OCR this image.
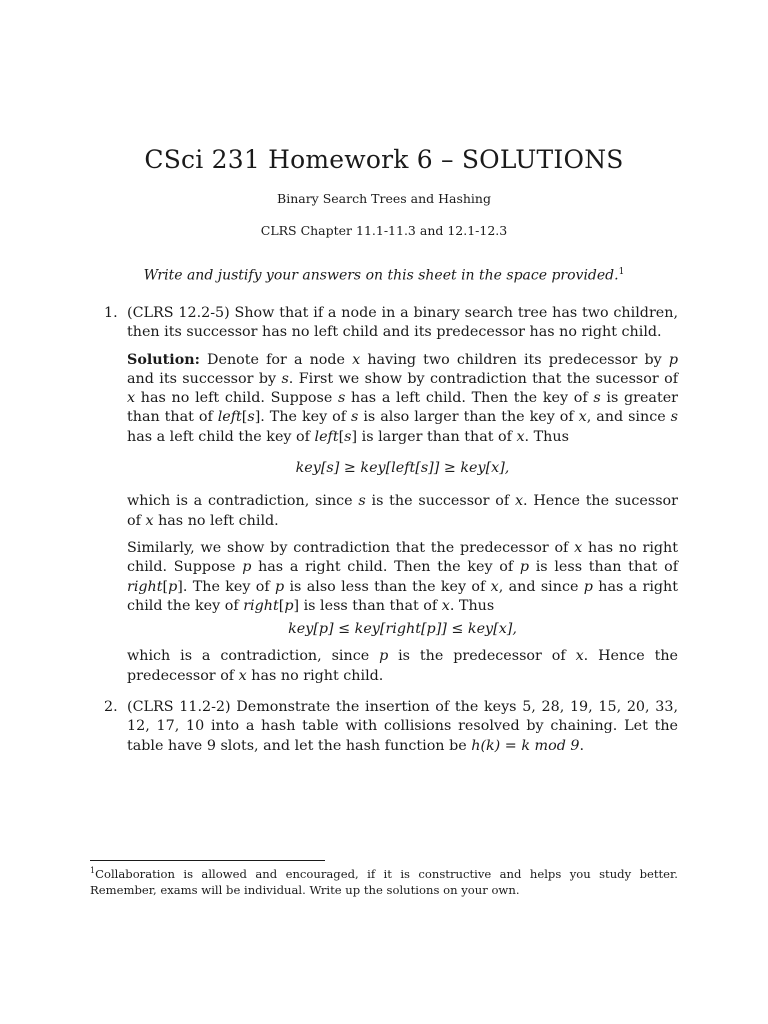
CSci 231 Homework 6 – SOLUTIONS
Binary Search Trees and Hashing
CLRS Chapter 11.1-11.3 and 12.1-12.3
Write and justify your answers on this sheet in the space provided.$^1$
1. (CLRS 12.2-5) Show that if a node in a binary search tree has two children, then its successor has no left child and its predecessor has no right child.

Solution: Denote for a node x having two children its predecessor by p and its successor by s. First we show by contradiction that the sucessor of x has no left child. Suppose s has a left child. Then the key of s is greater than that of left[s]. The key of s is also larger than the key of x, and since s has a left child the key of left[s] is larger than that of x. Thus

key[s] ≥ key[left[s]] ≥ key[x],

which is a contradiction, since s is the successor of x. Hence the sucessor of x has no left child.

Similarly, we show by contradiction that the predecessor of x has no right child. Suppose p has a right child. Then the key of p is less than that of right[p]. The key of p is also less than the key of x, and since p has a right child the key of right[p] is less than that of x. Thus

key[p] ≤ key[right[p]] ≤ key[x],

which is a contradiction, since p is the predecessor of x. Hence the predecessor of x has no right child.

2. (CLRS 11.2-2) Demonstrate the insertion of the keys 5, 28, 19, 15, 20, 33, 12, 17, 10 into a hash table with collisions resolved by chaining. Let the table have 9 slots, and let the hash function be h(k) = k mod 9.

$^1$Collaboration is allowed and encouraged, if it is constructive and helps you study better. Remember, exams will be individual. Write up the solutions on your own.
